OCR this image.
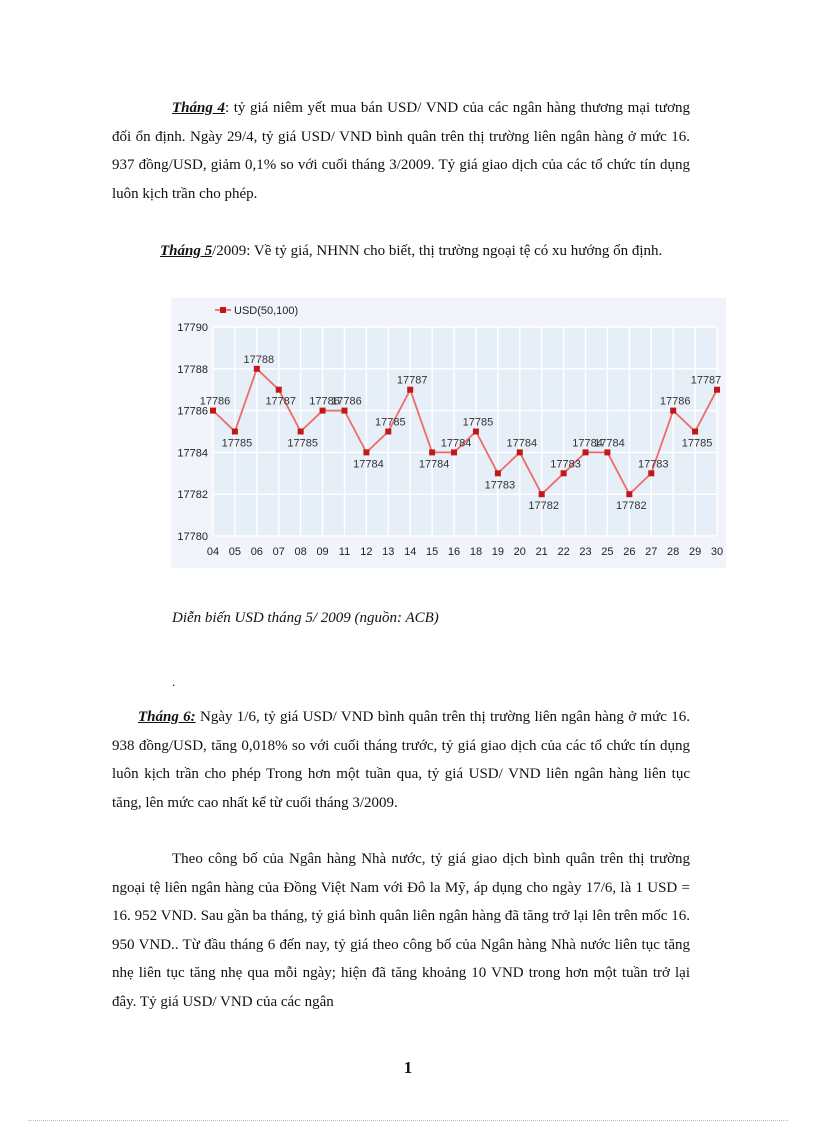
Tháng 4: tỷ giá niêm yết mua bán USD/ VND của các ngân hàng thương mại tương đối ổn định. Ngày 29/4, tỷ giá USD/ VND bình quân trên thị trường liên ngân hàng ở mức 16. 937 đồng/USD, giảm 0,1% so với cuối tháng 3/2009. Tỷ giá giao dịch của các tổ chức tín dụng luôn kịch trần cho phép.

Tháng 5/2009: Về tỷ giá, NHNN cho biết, thị trường ngoại tệ có xu hướng ổn định.

17780
17782
17784
17786
17788
17790
04 05 06 07 08 09 11 12 13 14 15 16 18 19 20 21 22 23 25 26 27 28 29 30
17786
17785
17788
17787
17785
17786
17786
17784
17785
17787
17784
17784
17785
17783
17784
17782
17783
17784
17784
17782
17783
17786
17785
17787
USD(50,100)

Diễn biến USD tháng 5/ 2009 (nguồn: ACB)

.

Tháng 6: Ngày 1/6, tỷ giá USD/ VND bình quân trên thị trường liên ngân hàng ở mức 16. 938 đồng/USD, tăng 0,018% so với cuối tháng trước, tỷ giá giao dịch của các tổ chức tín dụng luôn kịch trần cho phép Trong hơn một tuần qua, tỷ giá USD/ VND liên ngân hàng liên tục tăng, lên mức cao nhất kể từ cuối tháng 3/2009.

Theo công bố của Ngân hàng Nhà nước, tỷ giá giao dịch bình quân trên thị trường ngoại tệ liên ngân hàng của Đồng Việt Nam với Đô la Mỹ, áp dụng cho ngày 17/6, là 1 USD = 16. 952 VND. Sau gần ba tháng, tỷ giá bình quân liên ngân hàng đã tăng trở lại lên trên mốc 16. 950 VND.. Từ đầu tháng 6 đến nay, tỷ giá theo công bố của Ngân hàng Nhà nước liên tục tăng nhẹ liên tục tăng nhẹ qua mỗi ngày; hiện đã tăng khoảng 10 VND trong hơn một tuần trở lại đây. Tỷ giá USD/ VND của các ngân

1
